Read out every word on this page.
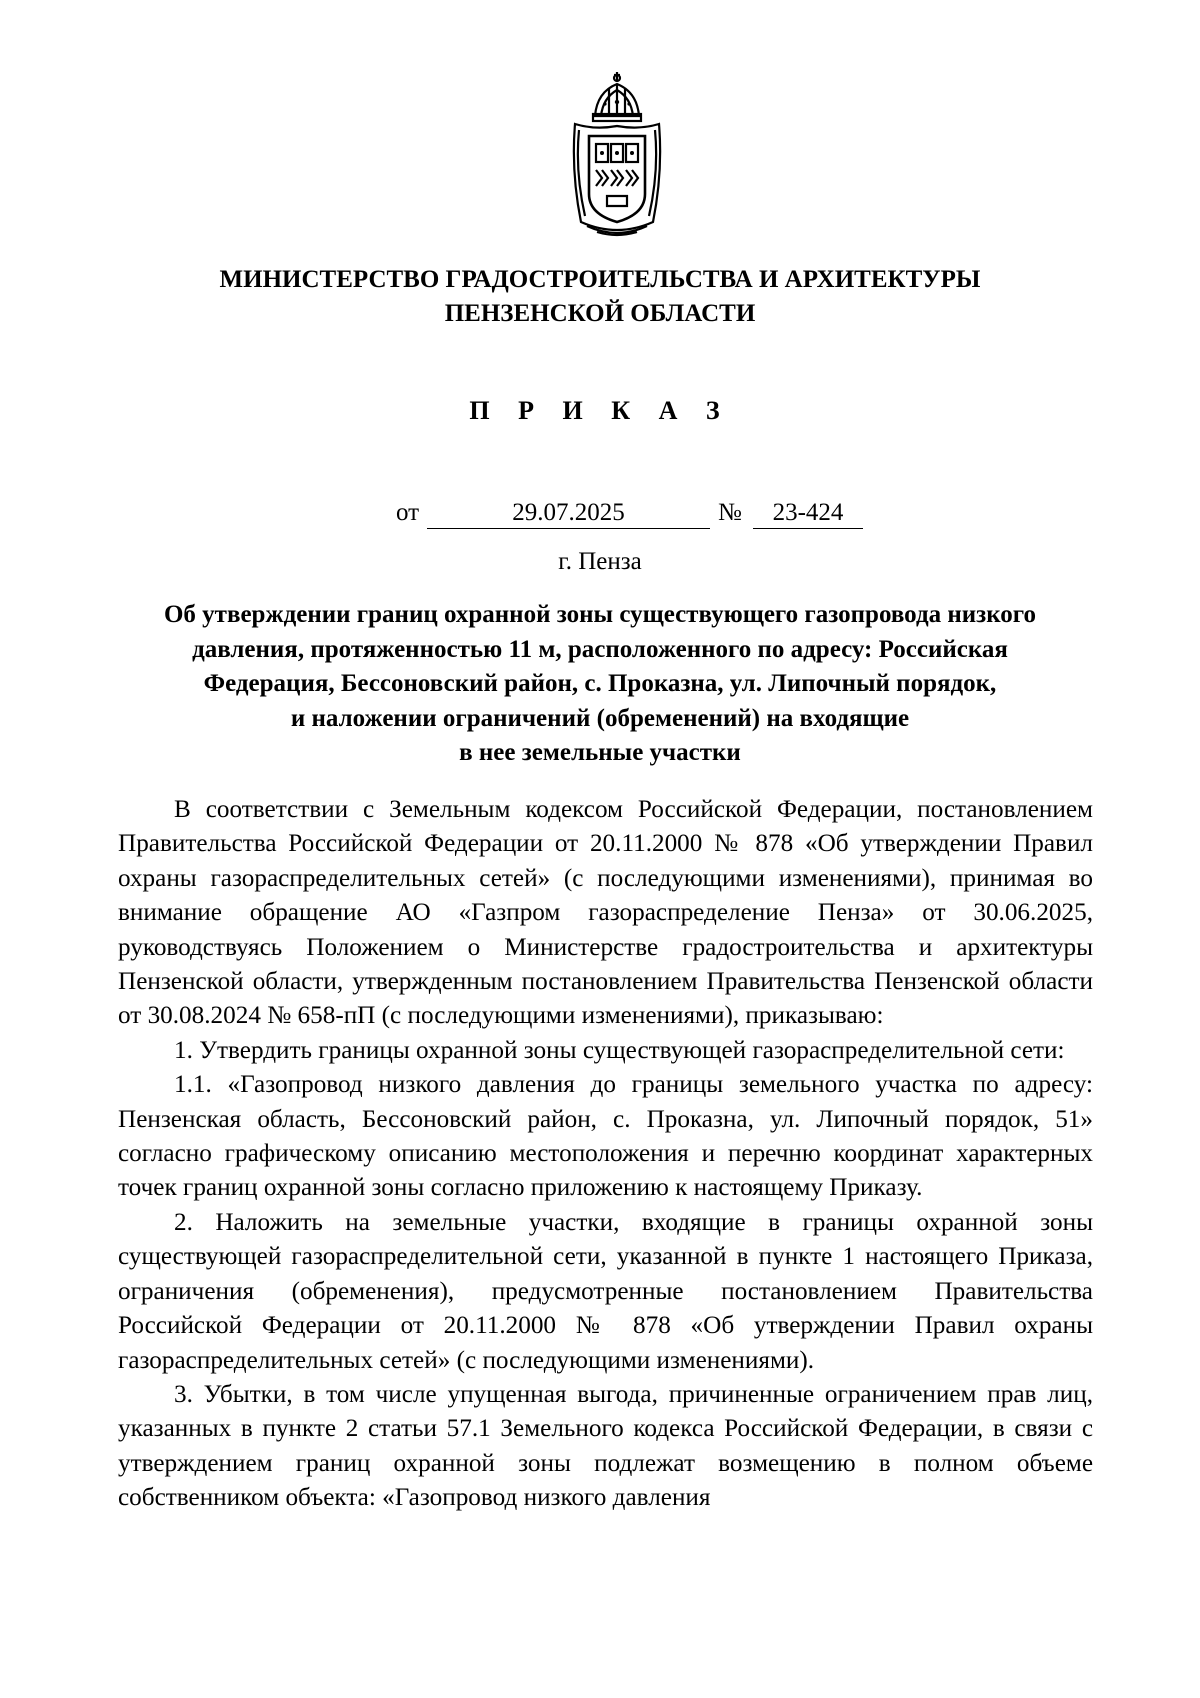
МИНИСТЕРСТВО ГРАДОСТРОИТЕЛЬСТВА И АРХИТЕКТУРЫ
ПЕНЗЕНСКОЙ ОБЛАСТИ
П Р И К А З
от	29.07.2025	№	23-424
г. Пенза
Об утверждении границ охранной зоны существующего газопровода низкого
давления, протяженностью 11 м, расположенного по адресу: Российская
Федерация, Бессоновский район, с. Проказна, ул. Липочный порядок,
и наложении ограничений (обременений) на входящие
в нее земельные участки

В соответствии с Земельным кодексом Российской Федерации, постановлением Правительства Российской Федерации от 20.11.2000 № 878 «Об утверждении Правил охраны газораспределительных сетей» (с последующими изменениями), принимая во внимание обращение АО «Газпром газораспределение Пенза» от 30.06.2025, руководствуясь Положением о Министерстве градостроительства и архитектуры Пензенской области, утвержденным постановлением Правительства Пензенской области от 30.08.2024 № 658-пП (с последующими изменениями), приказываю:

1. Утвердить границы охранной зоны существующей газораспределительной сети:

1.1. «Газопровод низкого давления до границы земельного участка по адресу: Пензенская область, Бессоновский район, с. Проказна, ул. Липочный порядок, 51» согласно графическому описанию местоположения и перечню координат характерных точек границ охранной зоны согласно приложению к настоящему Приказу.

2. Наложить на земельные участки, входящие в границы охранной зоны существующей газораспределительной сети, указанной в пункте 1 настоящего Приказа, ограничения (обременения), предусмотренные постановлением Правительства Российской Федерации от 20.11.2000 № 878 «Об утверждении Правил охраны газораспределительных сетей» (с последующими изменениями).

3. Убытки, в том числе упущенная выгода, причиненные ограничением прав лиц, указанных в пункте 2 статьи 57.1 Земельного кодекса Российской Федерации, в связи с утверждением границ охранной зоны подлежат возмещению в полном объеме собственником объекта: «Газопровод низкого давления
